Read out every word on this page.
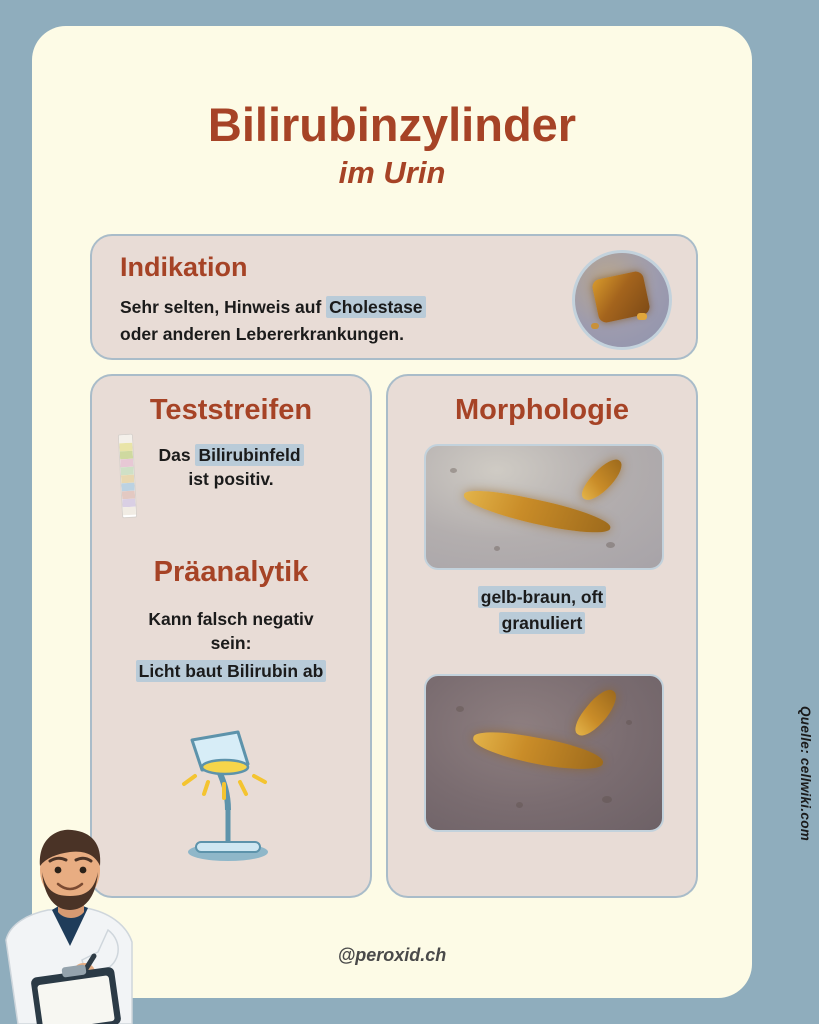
Bilirubinzylinder
im Urin
Indikation
Sehr selten, Hinweis auf Cholestase
oder anderen Lebererkrankungen.
Teststreifen
Das Bilirubinfeld
ist positiv.
Präanalytik
Kann falsch negativ
sein:
Licht baut Bilirubin ab
Morphologie
gelb-braun, oft
granuliert
@peroxid.ch
Quelle: cellwiki.com
